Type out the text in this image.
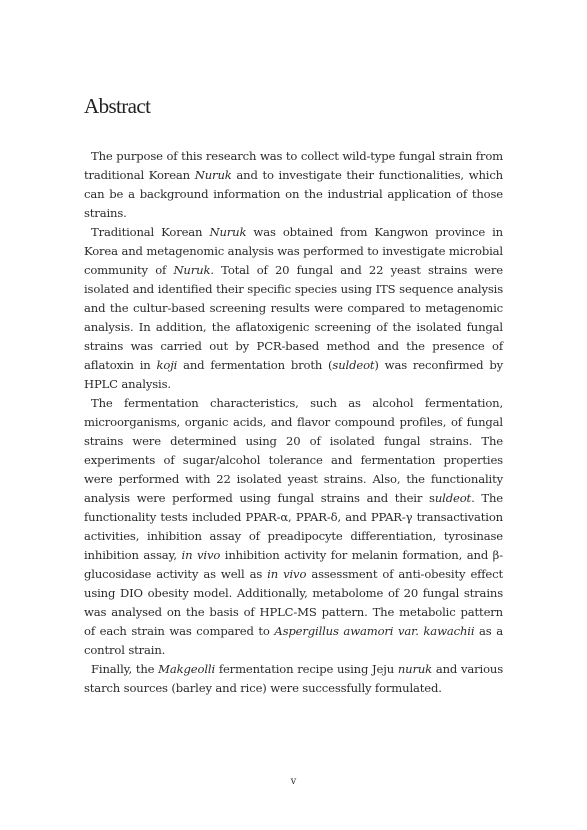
Abstract

The purpose of this research was to collect wild-type fungal strain from traditional Korean Nuruk and to investigate their functionalities, which can be a background information on the industrial application of those strains.

Traditional Korean Nuruk was obtained from Kangwon province in Korea and metagenomic analysis was performed to investigate microbial community of Nuruk. Total of 20 fungal and 22 yeast strains were isolated and identified their specific species using ITS sequence analysis and the cultur-based screening results were compared to metagenomic analysis. In addition, the aflatoxigenic screening of the isolated fungal strains was carried out by PCR-based method and the presence of aflatoxin in koji and fermentation broth (suldeot) was reconfirmed by HPLC analysis.

The fermentation characteristics, such as alcohol fermentation, microorganisms, organic acids, and flavor compound profiles, of fungal strains were determined using 20 of isolated fungal strains. The experiments of sugar/alcohol tolerance and fermentation properties were performed with 22 isolated yeast strains. Also, the functionality analysis were performed using fungal strains and their suldeot. The functionality tests included PPAR-α, PPAR-δ, and PPAR-γ transactivation activities, inhibition assay of preadipocyte differentiation, tyrosinase inhibition assay, in vivo inhibition activity for melanin formation, and β-glucosidase activity as well as in vivo assessment of anti-obesity effect using DIO obesity model. Additionally, metabolome of 20 fungal strains was analysed on the basis of HPLC-MS pattern. The metabolic pattern of each strain was compared to Aspergillus awamori var. kawachii as a control strain.

Finally, the Makgeolli fermentation recipe using Jeju nuruk and various starch sources (barley and rice) were successfully formulated.

v
